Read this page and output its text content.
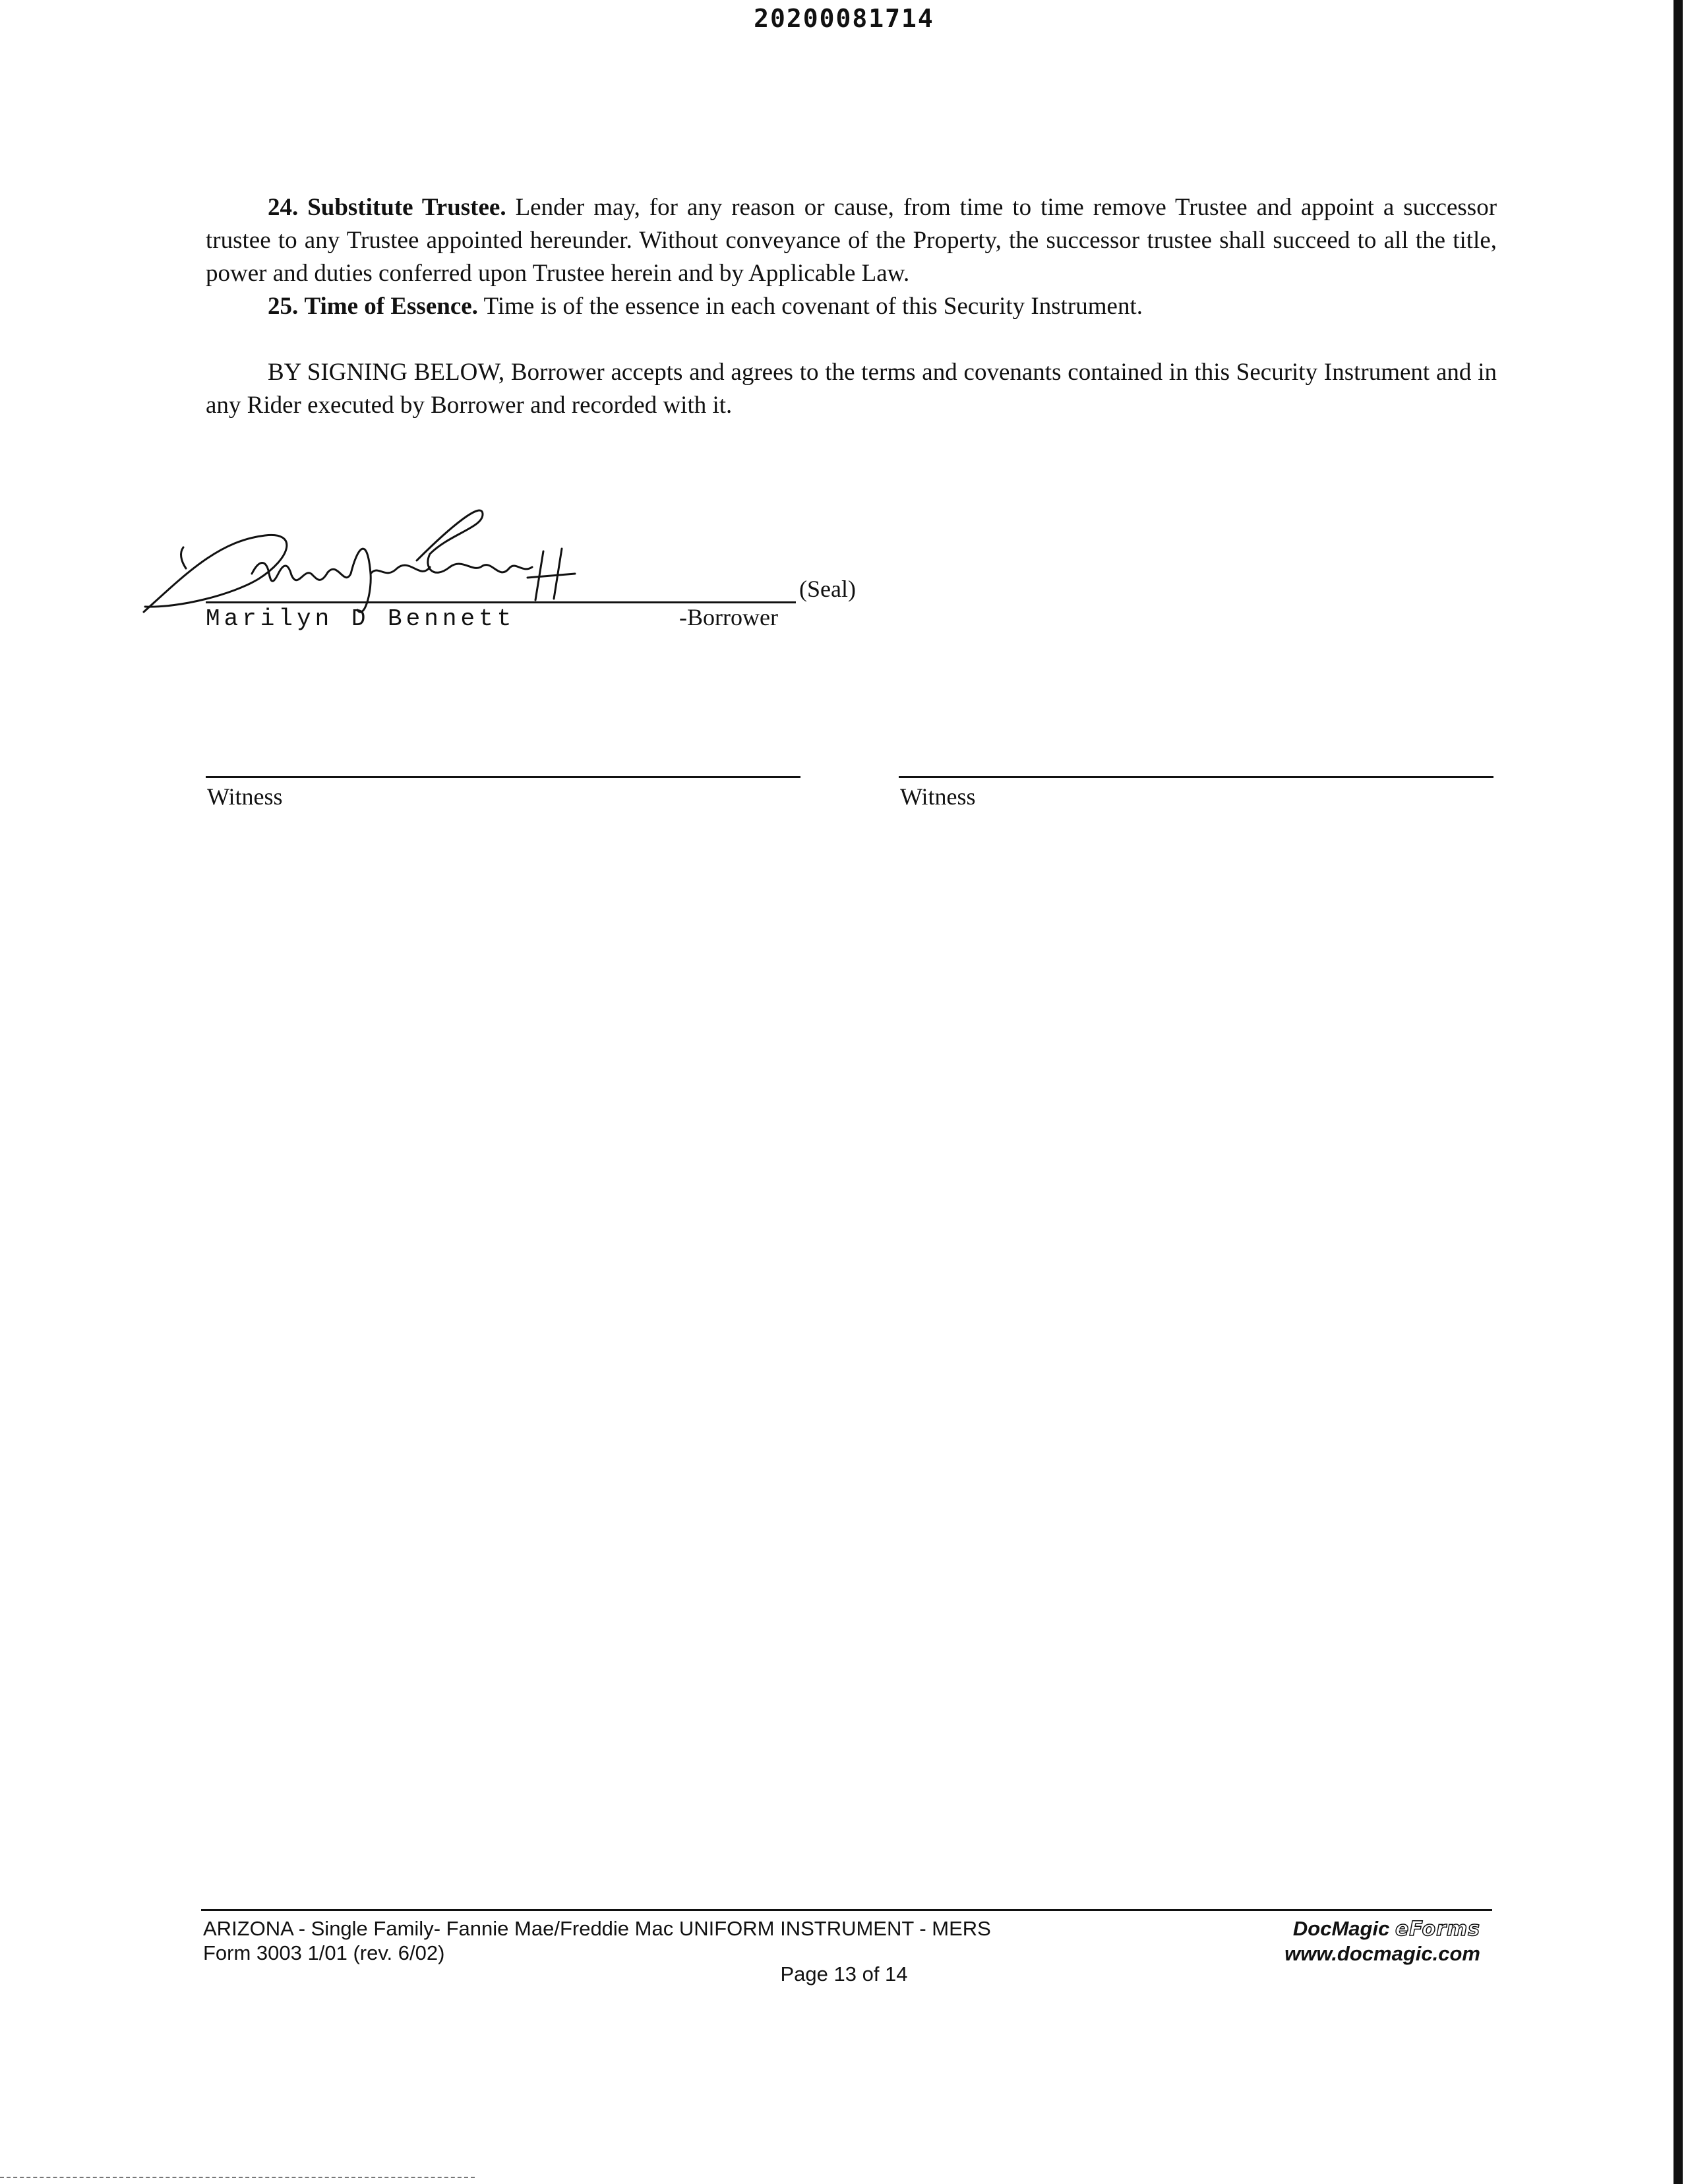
20200081714

24. Substitute Trustee. Lender may, for any reason or cause, from time to time remove Trustee and appoint a successor trustee to any Trustee appointed hereunder. Without conveyance of the Property, the successor trustee shall succeed to all the title, power and duties conferred upon Trustee herein and by Applicable Law.

25. Time of Essence. Time is of the essence in each covenant of this Security Instrument.

BY SIGNING BELOW, Borrower accepts and agrees to the terms and covenants contained in this Security Instrument and in any Rider executed by Borrower and recorded with it.

(Seal)
Marilyn D Bennett	-Borrower
Witness	Witness
ARIZONA - Single Family- Fannie Mae/Freddie Mac UNIFORM INSTRUMENT - MERS
Form 3003 1/01 (rev. 6/02)
Page 13 of 14
DocMagic eForms
www.docmagic.com
